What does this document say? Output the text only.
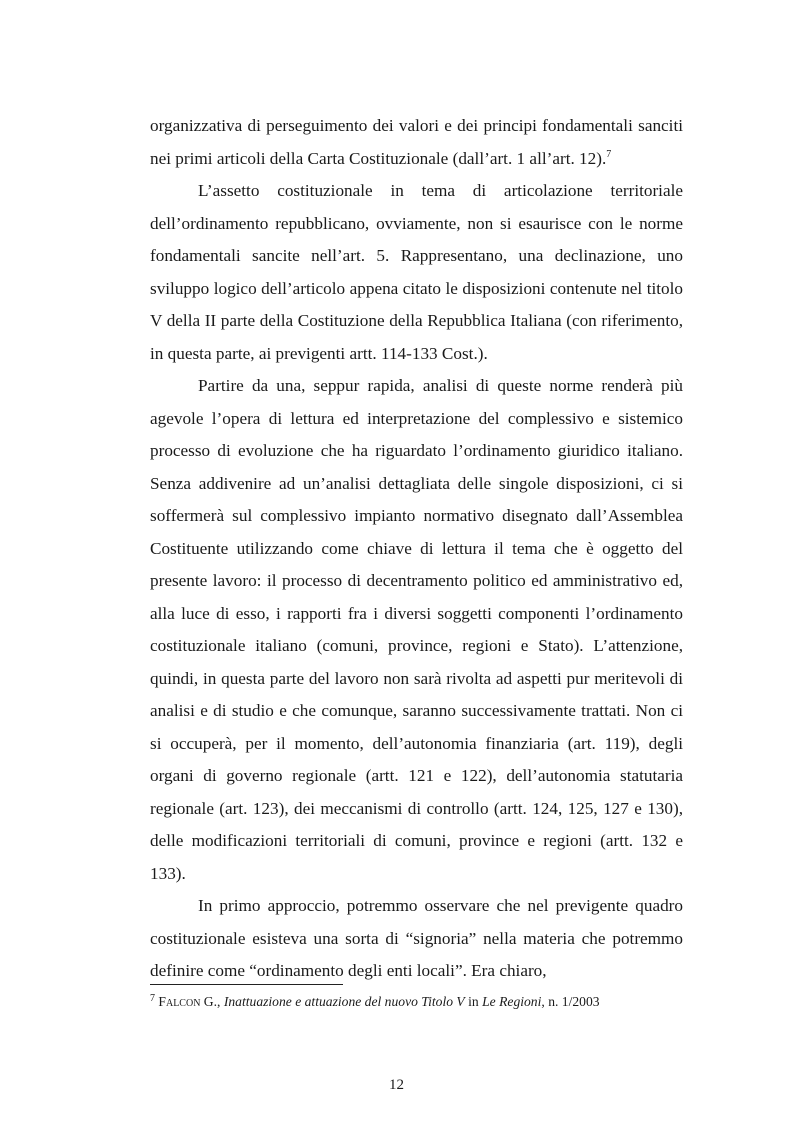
organizzativa di perseguimento dei valori e dei principi fondamentali sanciti nei primi articoli della Carta Costituzionale (dall’art. 1 all’art. 12).$^7$

L’assetto costituzionale in tema di articolazione territoriale dell’ordinamento repubblicano, ovviamente, non si esaurisce con le norme fondamentali sancite nell’art. 5. Rappresentano, una declinazione, uno sviluppo logico dell’articolo appena citato le disposizioni contenute nel titolo V della II parte della Costituzione della Repubblica Italiana (con riferimento, in questa parte, ai previgenti artt. 114-133 Cost.).

Partire da una, seppur rapida, analisi di queste norme renderà più agevole l’opera di lettura ed interpretazione del complessivo e sistemico processo di evoluzione che ha riguardato l’ordinamento giuridico italiano. Senza addivenire ad un’analisi dettagliata delle singole disposizioni, ci si soffermerà sul complessivo impianto normativo disegnato dall’Assemblea Costituente utilizzando come chiave di lettura il tema che è oggetto del presente lavoro: il processo di decentramento politico ed amministrativo ed, alla luce di esso, i rapporti fra i diversi soggetti componenti l’ordinamento costituzionale italiano (comuni, province, regioni e Stato). L’attenzione, quindi, in questa parte del lavoro non sarà rivolta ad aspetti pur meritevoli di analisi e di studio e che comunque, saranno successivamente trattati. Non ci si occuperà, per il momento, dell’autonomia finanziaria (art. 119), degli organi di governo regionale (artt. 121 e 122), dell’autonomia statutaria regionale (art. 123), dei meccanismi di controllo (artt. 124, 125, 127 e 130), delle modificazioni territoriali di comuni, province e regioni (artt. 132 e 133).

In primo approccio, potremmo osservare che nel previgente quadro costituzionale esisteva una sorta di “signoria” nella materia che potremmo definire come “ordinamento degli enti locali”. Era chiaro,

$^7$ Falcon G., Inattuazione e attuazione del nuovo Titolo V in Le Regioni, n. 1/2003
12
